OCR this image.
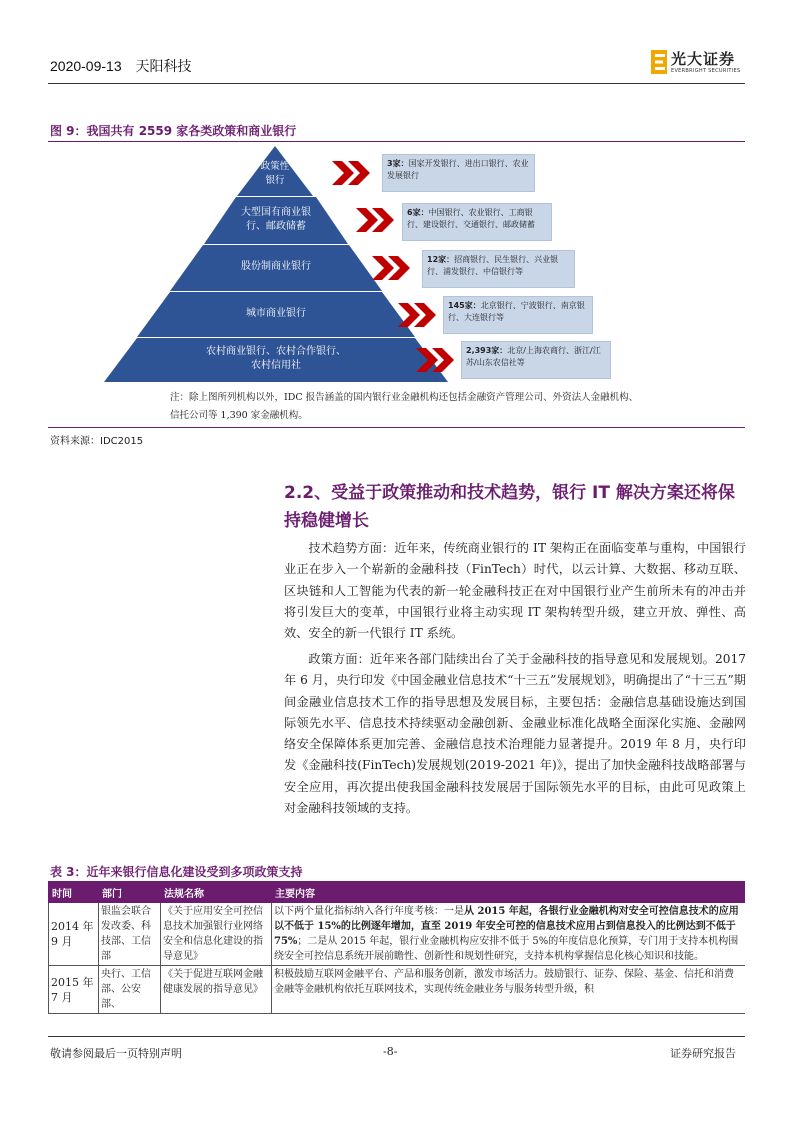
2020-09-13 天阳科技	光大证券
EVERBRIGHT SECURITIES
图 9：我国共有 2559 家各类政策和商业银行
政策性
银行
大型国有商业银
行、邮政储蓄
股份制商业银行
城市商业银行
农村商业银行、农村合作银行、
农村信用社
3家：国家开发银行、进出口银行、农业发展银行
6家：中国银行、农业银行、工商银行、建设银行、交通银行、邮政储蓄
12家：招商银行、民生银行、兴业银行、浦发银行、中信银行等
145家：北京银行、宁波银行、南京银行、大连银行等
2,393家：北京/上海农商行、浙江/江苏/山东农信社等
注：除上图所列机构以外，IDC 报告涵盖的国内银行业金融机构还包括金融资产管理公司、外资法人金融机构、信托公司等 1,390 家金融机构。
资料来源：IDC2015
2.2、受益于政策推动和技术趋势，银行 IT 解决方案还将保持稳健增长

技术趋势方面：近年来，传统商业银行的 IT 架构正在面临变革与重构，中国银行业正在步入一个崭新的金融科技（FinTech）时代，以云计算、大数据、移动互联、区块链和人工智能为代表的新一轮金融科技正在对中国银行业产生前所未有的冲击并将引发巨大的变革，中国银行业将主动实现 IT 架构转型升级，建立开放、弹性、高效、安全的新一代银行 IT 系统。

政策方面：近年来各部门陆续出台了关于金融科技的指导意见和发展规划。2017 年 6 月，央行印发《中国金融业信息技术“十三五”发展规划》，明确提出了“十三五”期间金融业信息技术工作的指导思想及发展目标，主要包括：金融信息基础设施达到国际领先水平、信息技术持续驱动金融创新、金融业标准化战略全面深化实施、金融网络安全保障体系更加完善、金融信息技术治理能力显著提升。2019 年 8 月，央行印发《金融科技(FinTech)发展规划(2019-2021 年)》，提出了加快金融科技战略部署与安全应用，再次提出使我国金融科技发展居于国际领先水平的目标，由此可见政策上对金融科技领域的支持。

表 3：近年来银行信息化建设受到多项政策支持
时间	部门	法规名称	主要内容
2014 年 9 月	银监会联合发改委、科技部、工信部	《关于应用安全可控信息技术加强银行业网络安全和信息化建设的指导意见》	以下两个量化指标纳入各行年度考核：一是从 2015 年起，各银行业金融机构对安全可控信息技术的应用以不低于 15%的比例逐年增加，直至 2019 年安全可控的信息技术应用占到信息投入的比例达到不低于 75%；二是从 2015 年起，银行业金融机构应安排不低于 5%的年度信息化预算，专门用于支持本机构围绕安全可控信息系统开展前瞻性、创新性和规划性研究，支持本机构掌握信息化核心知识和技能。
2015 年 7 月	央行、工信部、公安部、	《关于促进互联网金融健康发展的指导意见》	积极鼓励互联网金融平台、产品和服务创新，激发市场活力。鼓励银行、证券、保险、基金、信托和消费金融等金融机构依托互联网技术，实现传统金融业务与服务转型升级，积
敬请参阅最后一页特别声明	-8-	证券研究报告
